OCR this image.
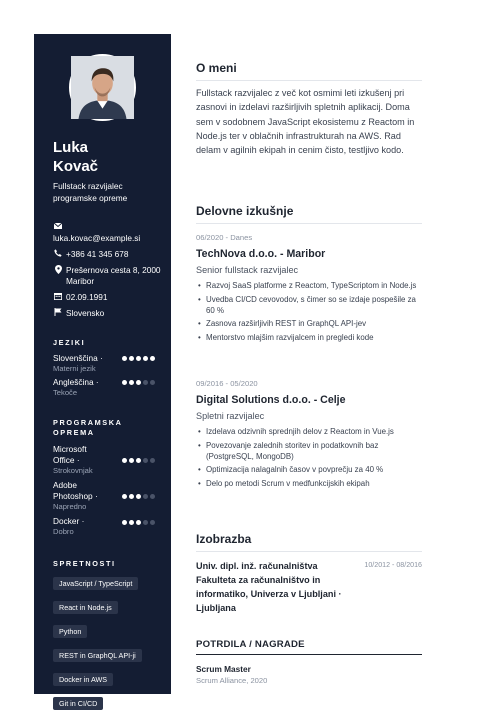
Luka
Kovač
Fullstack razvijalec programske opreme
luka.kovac@example.si
+386 41 345 678
Prešernova cesta 8, 2000 Maribor
02.09.1991
Slovensko
JEZIKI
Slovenščina ·
Materni jezik
Angleščina ·
Tekoče
PROGRAMSKA
OPREMA
Microsoft
Office ·
Strokovnjak
Adobe
Photoshop ·
Napredno
Docker ·
Dobro
SPRETNOSTI
JavaScript / TypeScript
React in Node.js
Python
REST in GraphQL API-ji
Docker in AWS
Git in CI/CD
O meni
Fullstack razvijalec z več kot osmimi leti izkušenj pri zasnovi in izdelavi razširljivih spletnih aplikacij. Doma sem v sodobnem JavaScript ekosistemu z Reactom in Node.js ter v oblačnih infrastrukturah na AWS. Rad delam v agilnih ekipah in cenim čisto, testljivo kodo.
Delovne izkušnje
06/2020 - Danes
TechNova d.o.o. - Maribor
Senior fullstack razvijalec
• Razvoj SaaS platforme z Reactom, TypeScriptom in Node.js
• Uvedba CI/CD cevovodov, s čimer so se izdaje pospešile za 60 %
• Zasnova razširljivih REST in GraphQL API-jev
• Mentorstvo mlajšim razvijalcem in pregledi kode
09/2016 - 05/2020
Digital Solutions d.o.o. - Celje
Spletni razvijalec
• Izdelava odzivnih sprednjih delov z Reactom in Vue.js
• Povezovanje zalednih storitev in podatkovnih baz (PostgreSQL, MongoDB)
• Optimizacija nalagalnih časov v povprečju za 40 %
• Delo po metodi Scrum v medfunkcijskih ekipah
Izobrazba
Univ. dipl. inž. računalništva
Fakulteta za računalništvo in informatiko, Univerza v Ljubljani · Ljubljana
10/2012 - 08/2016
POTRDILA / NAGRADE
Scrum Master
Scrum Alliance, 2020
